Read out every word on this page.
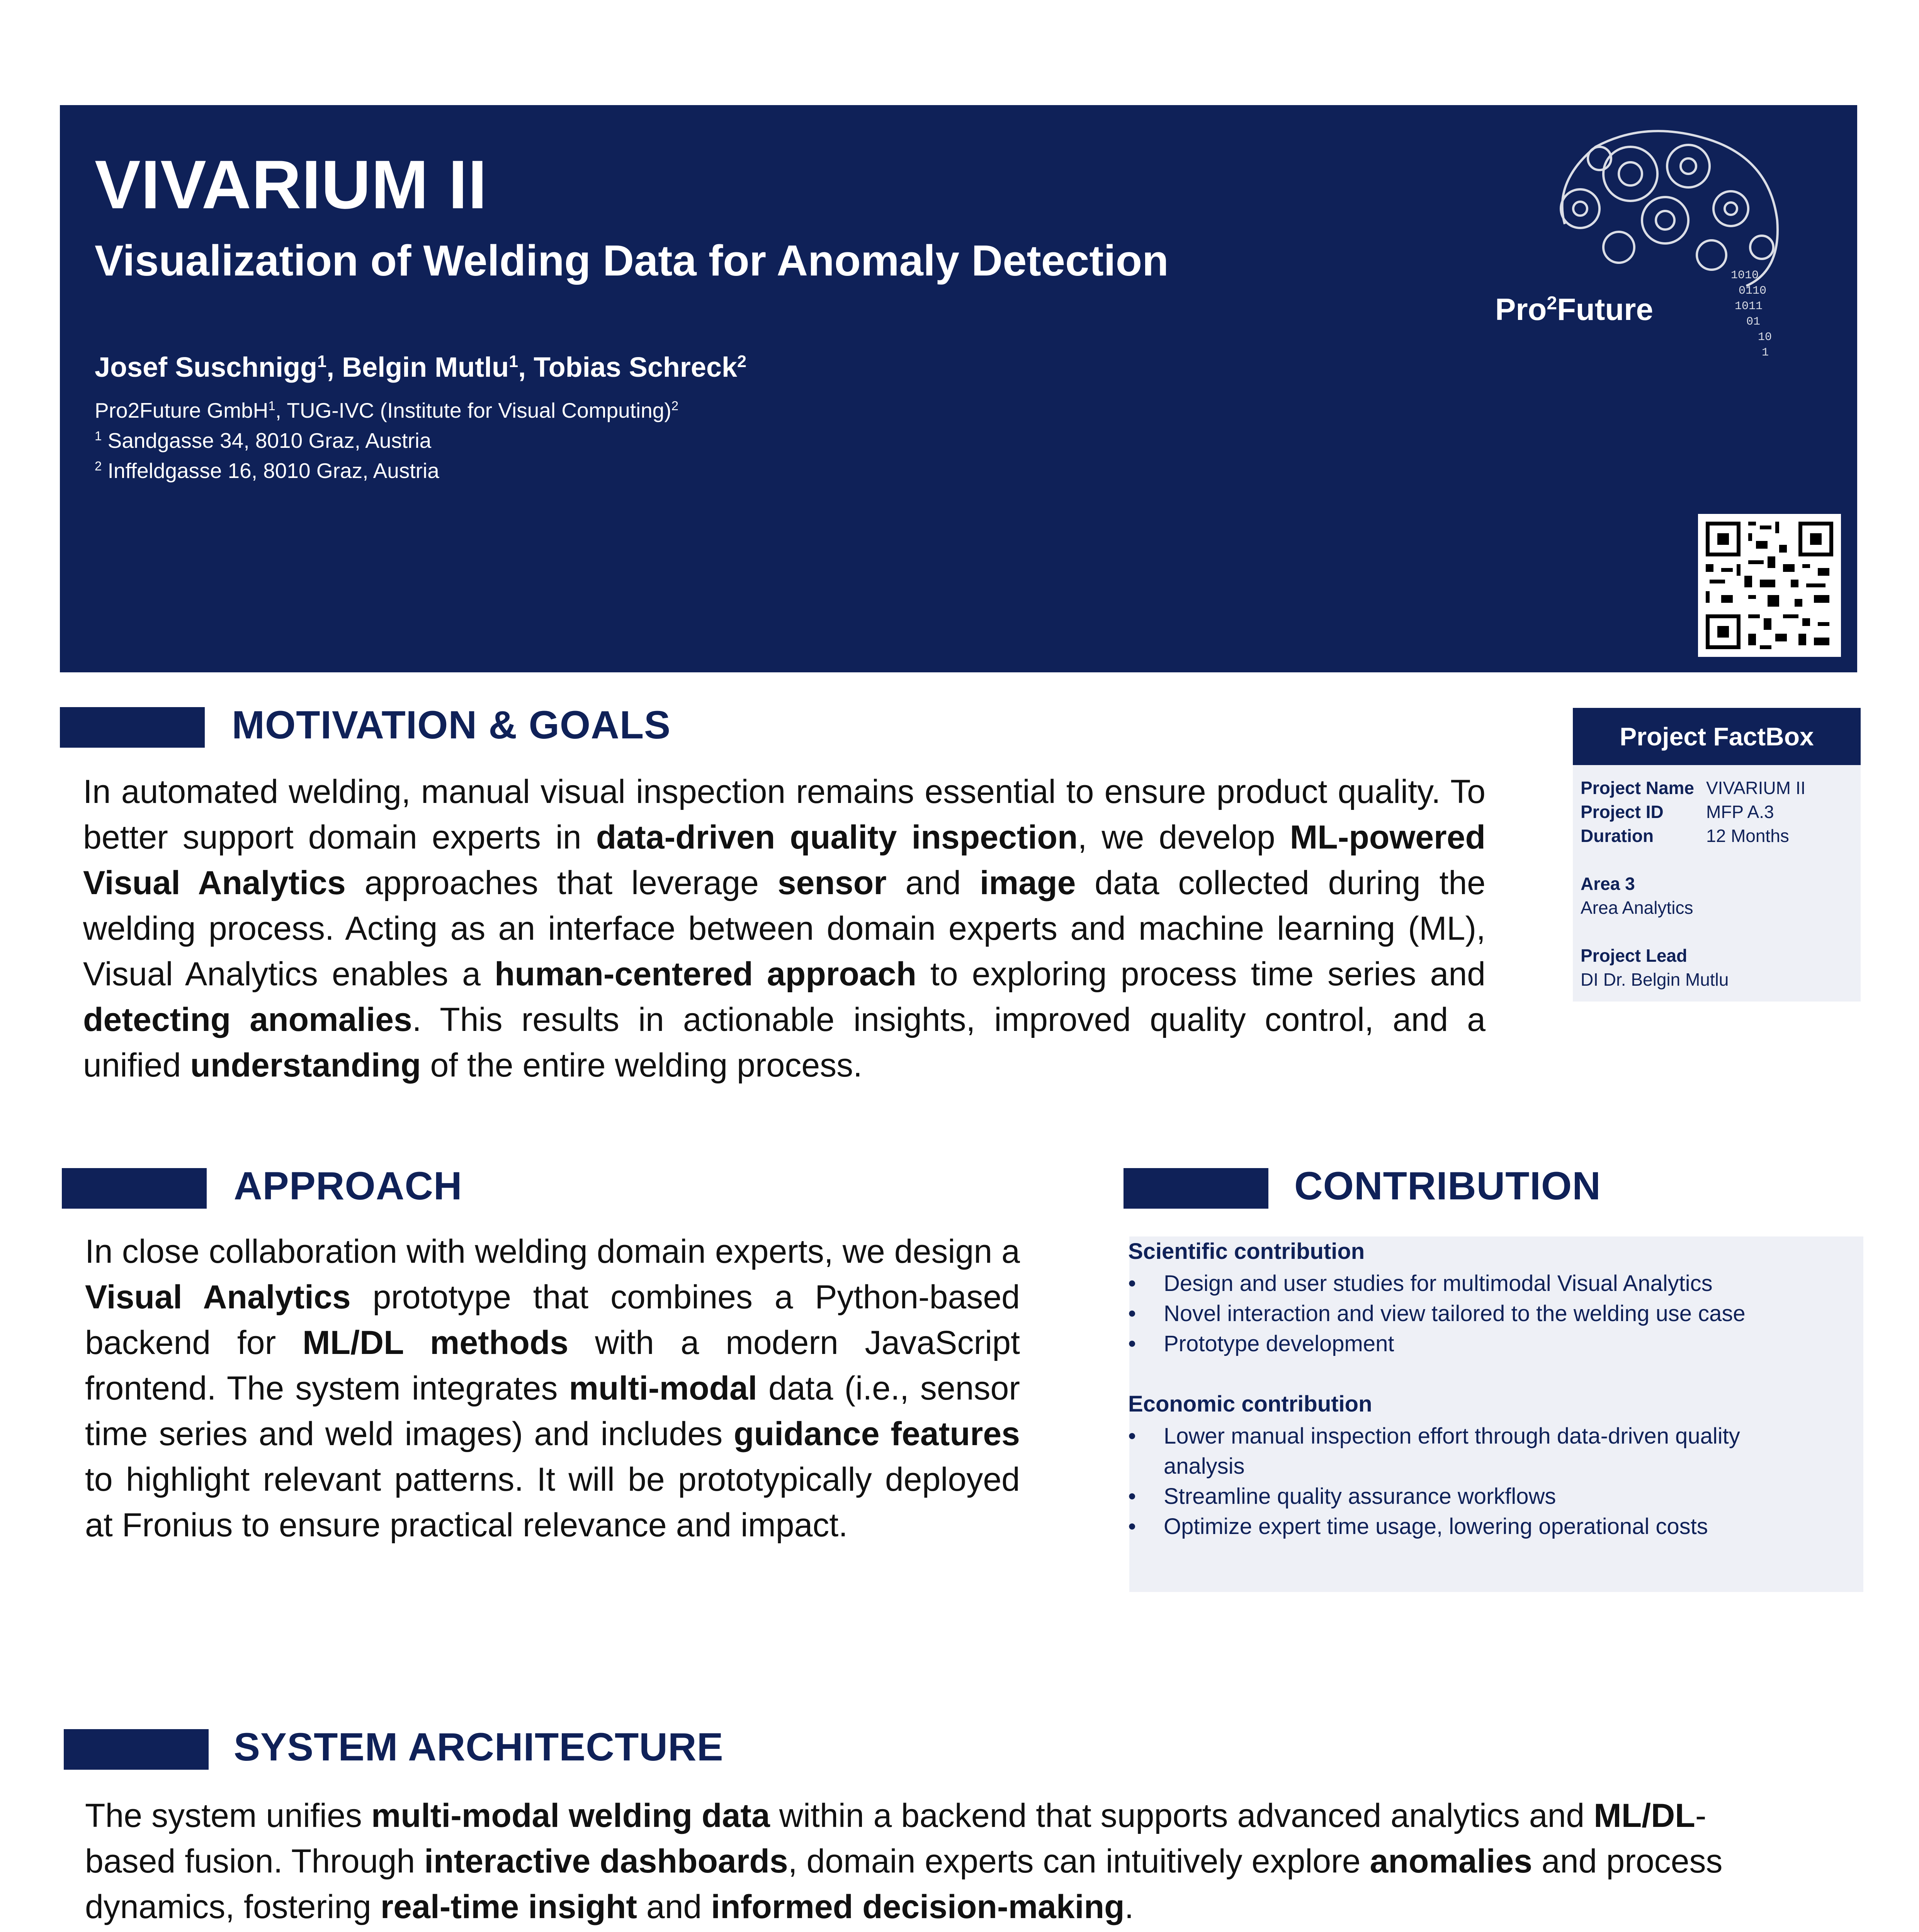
VIVARIUM II
Visualization of Welding Data for Anomaly Detection
Josef Suschnigg$^1$, Belgin Mutlu$^1$, Tobias Schreck$^2$
Pro2Future GmbH$^1$, TUG-IVC (Institute for Visual Computing)$^2$
$^1$ Sandgasse 34, 8010 Graz, Austria
$^2$ Inffeldgasse 16, 8010 Graz, Austria
1010
0110
1011
01
10
1
Pro$^2$Future
MOTIVATION & GOALS
In automated welding, manual visual inspection remains essential to ensure product quality. To better support domain experts in data-driven quality inspection, we develop ML-powered Visual Analytics approaches that leverage sensor and image data collected during the welding process. Acting as an interface between domain experts and machine learning (ML), Visual Analytics enables a human-centered approach to exploring process time series and detecting anomalies. This results in actionable insights, improved quality control, and a unified understanding of the entire welding process.
Project FactBox
Project Name VIVARIUM II
Project ID MFP A.3
Duration	12 Months
Area 3
Area Analytics
Project Lead
DI Dr. Belgin Mutlu
APPROACH
In close collaboration with welding domain experts, we design a Visual Analytics prototype that combines a Python-based backend for ML/DL methods with a modern JavaScript frontend. The system integrates multi-modal data (i.e., sensor time series and weld images) and includes guidance features to highlight relevant patterns. It will be prototypically deployed at Fronius to ensure practical relevance and impact.
CONTRIBUTION
Scientific contribution
• Design and user studies for multimodal Visual Analytics
• Novel interaction and view tailored to the welding use case
• Prototype development
Economic contribution
• Lower manual inspection effort through data-driven quality analysis
• Streamline quality assurance workflows
• Optimize expert time usage, lowering operational costs
SYSTEM ARCHITECTURE
The system unifies multi-modal welding data within a backend that supports advanced analytics and ML/DL-based fusion. Through interactive dashboards, domain experts can intuitively explore anomalies and process dynamics, fostering real-time insight and informed decision-making.
